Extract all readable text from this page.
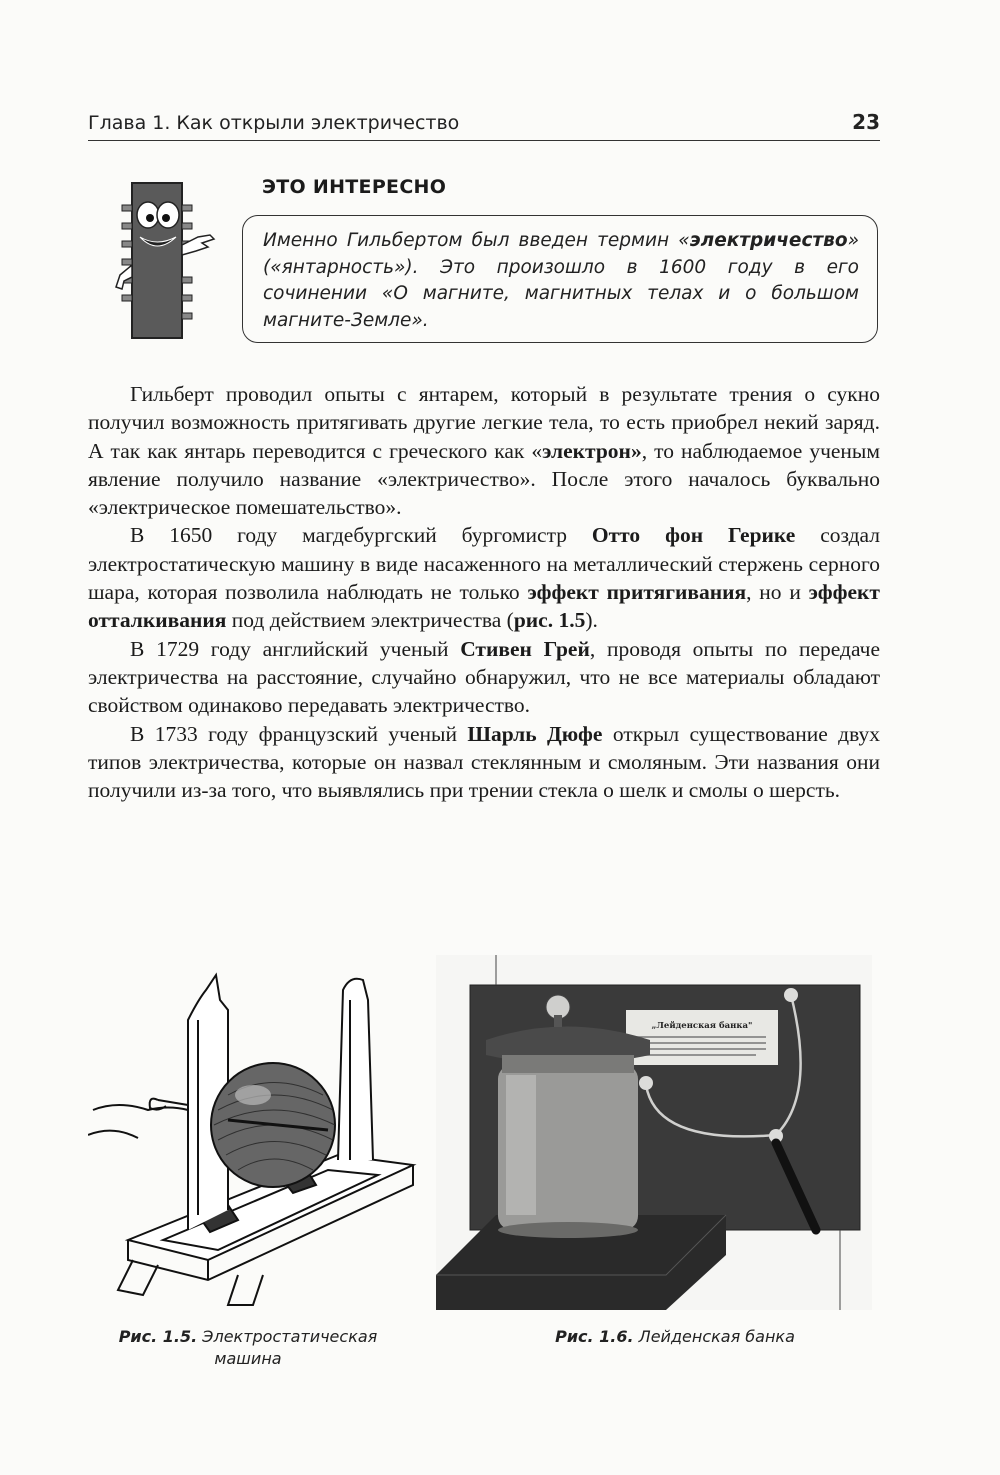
Глава 1. Как открыли электричество	23
ЭТО ИНТЕРЕСНО
Именно Гильбертом был введен термин «электричество» («янтарность»). Это произошло в 1600 году в его сочинении «О магните, магнитных телах и о большом магните-Земле».

Гильберт проводил опыты с янтарем, который в результате трения о сукно получил возможность притягивать другие легкие тела, то есть приобрел некий заряд. А так как янтарь переводится с греческого как «электрон», то наблюдаемое ученым явление получило название «электричество». После этого началось буквально «электрическое помешательство».

В 1650 году магдебургский бургомистр Отто фон Герике создал электростатическую машину в виде насаженного на металлический стержень серного шара, которая позволила наблюдать не только эффект притягивания, но и эффект отталкивания под действием электричества (рис. 1.5).

В 1729 году английский ученый Стивен Грей, проводя опыты по передаче электричества на расстояние, случайно обнаружил, что не все материалы обладают свойством одинаково передавать электричество.

В 1733 году французский ученый Шарль Дюфе открыл существование двух типов электричества, которые он назвал стеклянным и смоляным. Эти названия они получили из-за того, что выявлялись при трении стекла о шелк и смолы о шерсть.

„Лейденская банка"
Рис. 1.5. Электростатическая машина
Рис. 1.6. Лейденская банка
